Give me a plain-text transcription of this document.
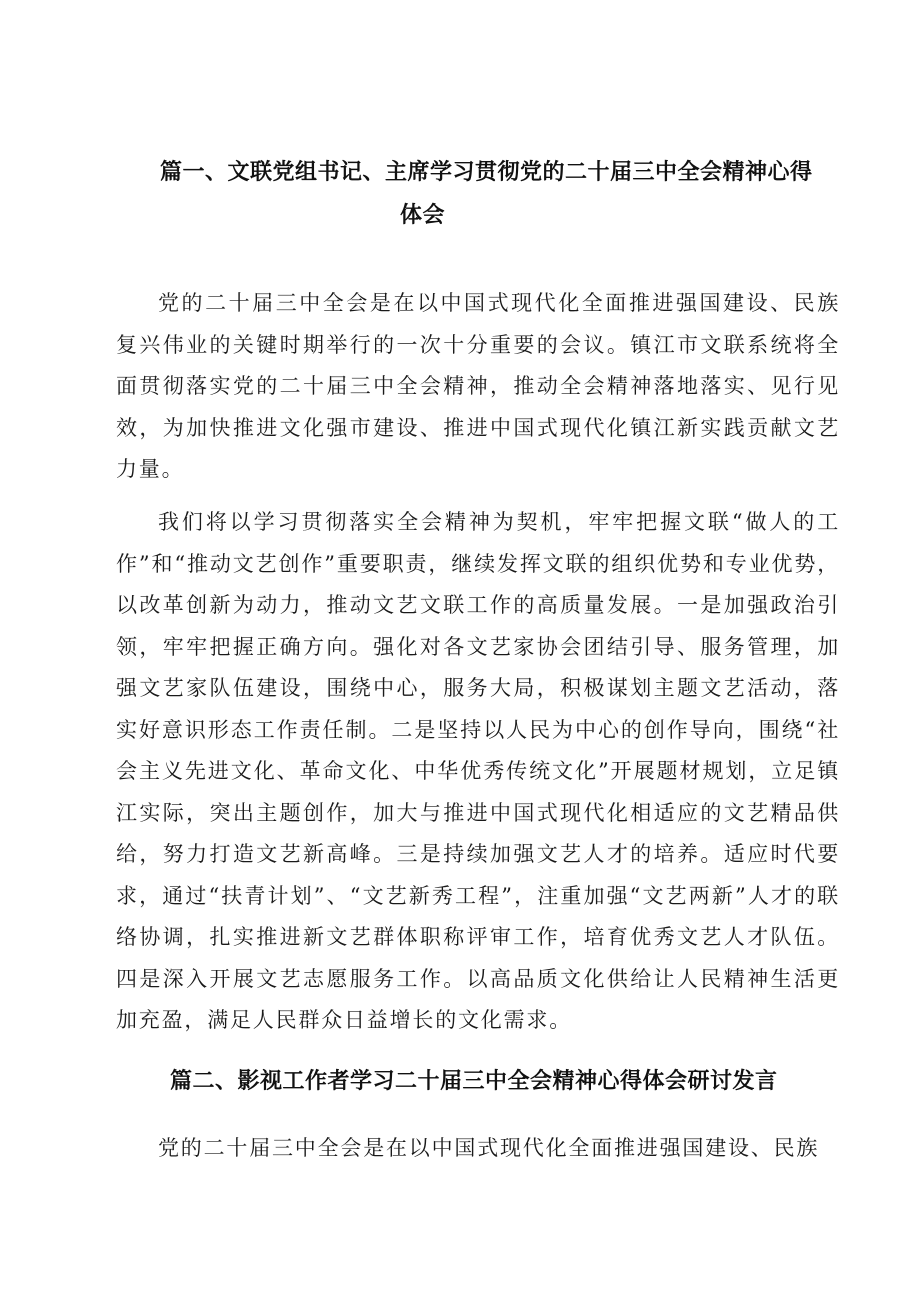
篇一、文联党组书记、主席学习贯彻党的二十届三中全会精神心得
体会

党的二十届三中全会是在以中国式现代化全面推进强国建设、民族复兴伟业的关键时期举行的一次十分重要的会议。镇江市文联系统将全面贯彻落实党的二十届三中全会精神，推动全会精神落地落实、见行见效，为加快推进文化强市建设、推进中国式现代化镇江新实践贡献文艺力量。

我们将以学习贯彻落实全会精神为契机，牢牢把握文联“做人的工作”和“推动文艺创作”重要职责，继续发挥文联的组织优势和专业优势，以改革创新为动力，推动文艺文联工作的高质量发展。一是加强政治引领，牢牢把握正确方向。强化对各文艺家协会团结引导、服务管理，加强文艺家队伍建设，围绕中心，服务大局，积极谋划主题文艺活动，落实好意识形态工作责任制。二是坚持以人民为中心的创作导向，围绕“社会主义先进文化、革命文化、中华优秀传统文化”开展题材规划，立足镇江实际，突出主题创作，加大与推进中国式现代化相适应的文艺精品供给，努力打造文艺新高峰。三是持续加强文艺人才的培养。适应时代要求，通过“扶青计划”、“文艺新秀工程”，注重加强“文艺两新”人才的联络协调，扎实推进新文艺群体职称评审工作，培育优秀文艺人才队伍。四是深入开展文艺志愿服务工作。以高品质文化供给让人民精神生活更加充盈，满足人民群众日益增长的文化需求。

篇二、影视工作者学习二十届三中全会精神心得体会研讨发言

党的二十届三中全会是在以中国式现代化全面推进强国建设、民族
